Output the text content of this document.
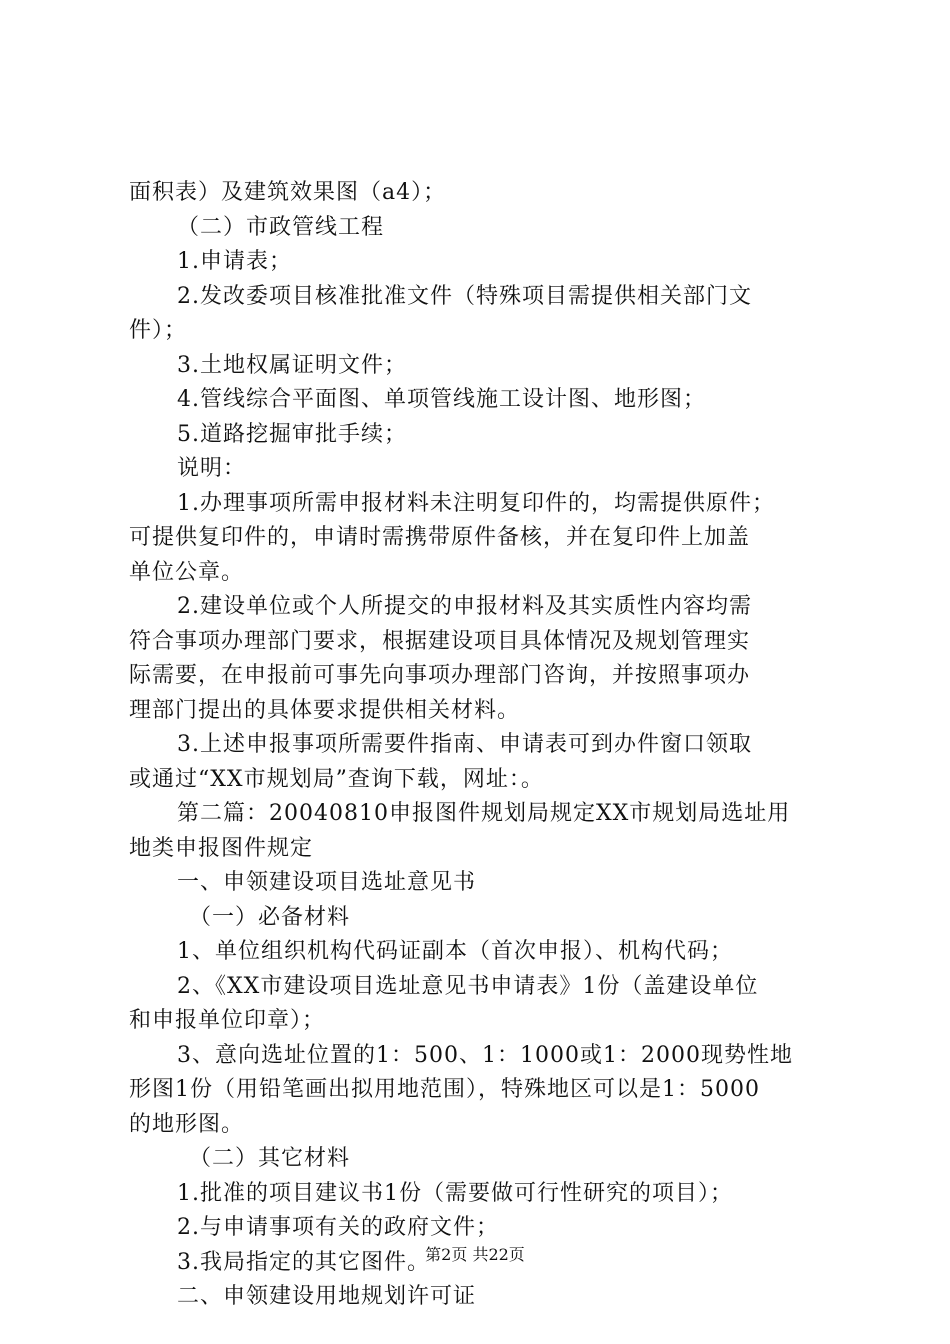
面积表）及建筑效果图（a4）；
（二）市政管线工程
1.申请表；
2.发改委项目核准批准文件（特殊项目需提供相关部门文
件）；
3.土地权属证明文件；
4.管线综合平面图、单项管线施工设计图、地形图；
5.道路挖掘审批手续；
说明：
1.办理事项所需申报材料未注明复印件的，均需提供原件；
可提供复印件的，申请时需携带原件备核，并在复印件上加盖
单位公章。
2.建设单位或个人所提交的申报材料及其实质性内容均需
符合事项办理部门要求，根据建设项目具体情况及规划管理实
际需要，在申报前可事先向事项办理部门咨询，并按照事项办
理部门提出的具体要求提供相关材料。
3.上述申报事项所需要件指南、申请表可到办件窗口领取
或通过“XX市规划局”查询下载，网址：。
第二篇：20040810申报图件规划局规定XX市规划局选址用
地类申报图件规定
一、申领建设项目选址意见书
（一）必备材料
1、单位组织机构代码证副本（首次申报）、机构代码；
2、《XX市建设项目选址意见书申请表》1份（盖建设单位
和申报单位印章）；
3、意向选址位置的1：500、1：1000或1：2000现势性地
形图1份（用铅笔画出拟用地范围），特殊地区可以是1：5000
的地形图。
（二）其它材料
1.批准的项目建议书1份（需要做可行性研究的项目）；
2.与申请事项有关的政府文件；
3.我局指定的其它图件。
二、申领建设用地规划许可证
第2页 共22页
